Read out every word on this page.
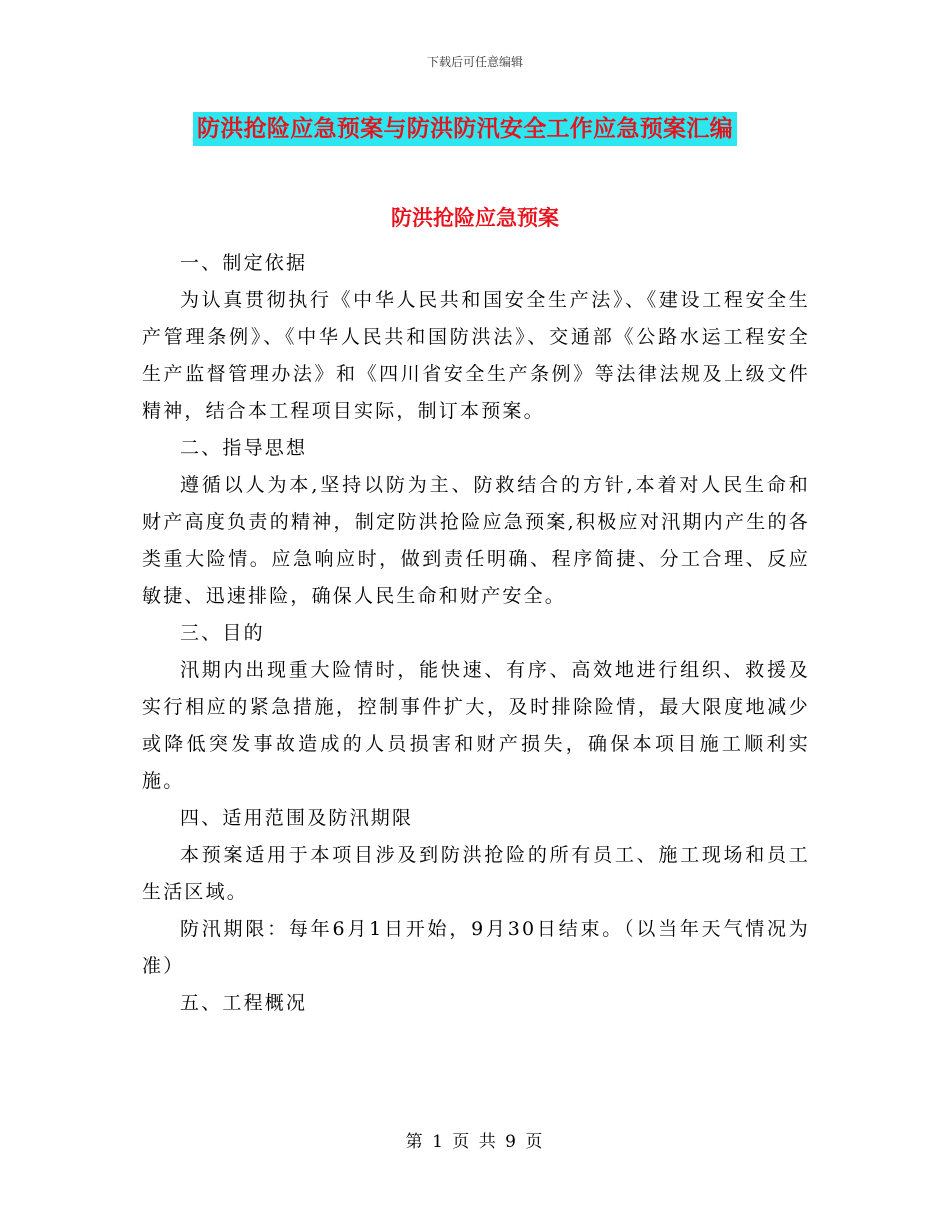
下载后可任意编辑
防洪抢险应急预案与防洪防汛安全工作应急预案汇编
防洪抢险应急预案

一、制定依据

为认真贯彻执行《中华人民共和国安全生产法》、《建设工程安全生产管理条例》、《中华人民共和国防洪法》、交通部《公路水运工程安全生产监督管理办法》和《四川省安全生产条例》等法律法规及上级文件精神，结合本工程项目实际，制订本预案。

二、指导思想

遵循以人为本,坚持以防为主、防救结合的方针,本着对人民生命和财产高度负责的精神，制定防洪抢险应急预案,积极应对汛期内产生的各类重大险情。应急响应时，做到责任明确、程序简捷、分工合理、反应敏捷、迅速排险，确保人民生命和财产安全。

三、目的

汛期内出现重大险情时，能快速、有序、高效地进行组织、救援及实行相应的紧急措施，控制事件扩大，及时排除险情，最大限度地减少或降低突发事故造成的人员损害和财产损失，确保本项目施工顺利实施。

四、适用范围及防汛期限

本预案适用于本项目涉及到防洪抢险的所有员工、施工现场和员工生活区域。

防汛期限：每年6月1日开始，9月30日结束。（以当年天气情况为准）

五、工程概况

第 1 页 共 9 页
